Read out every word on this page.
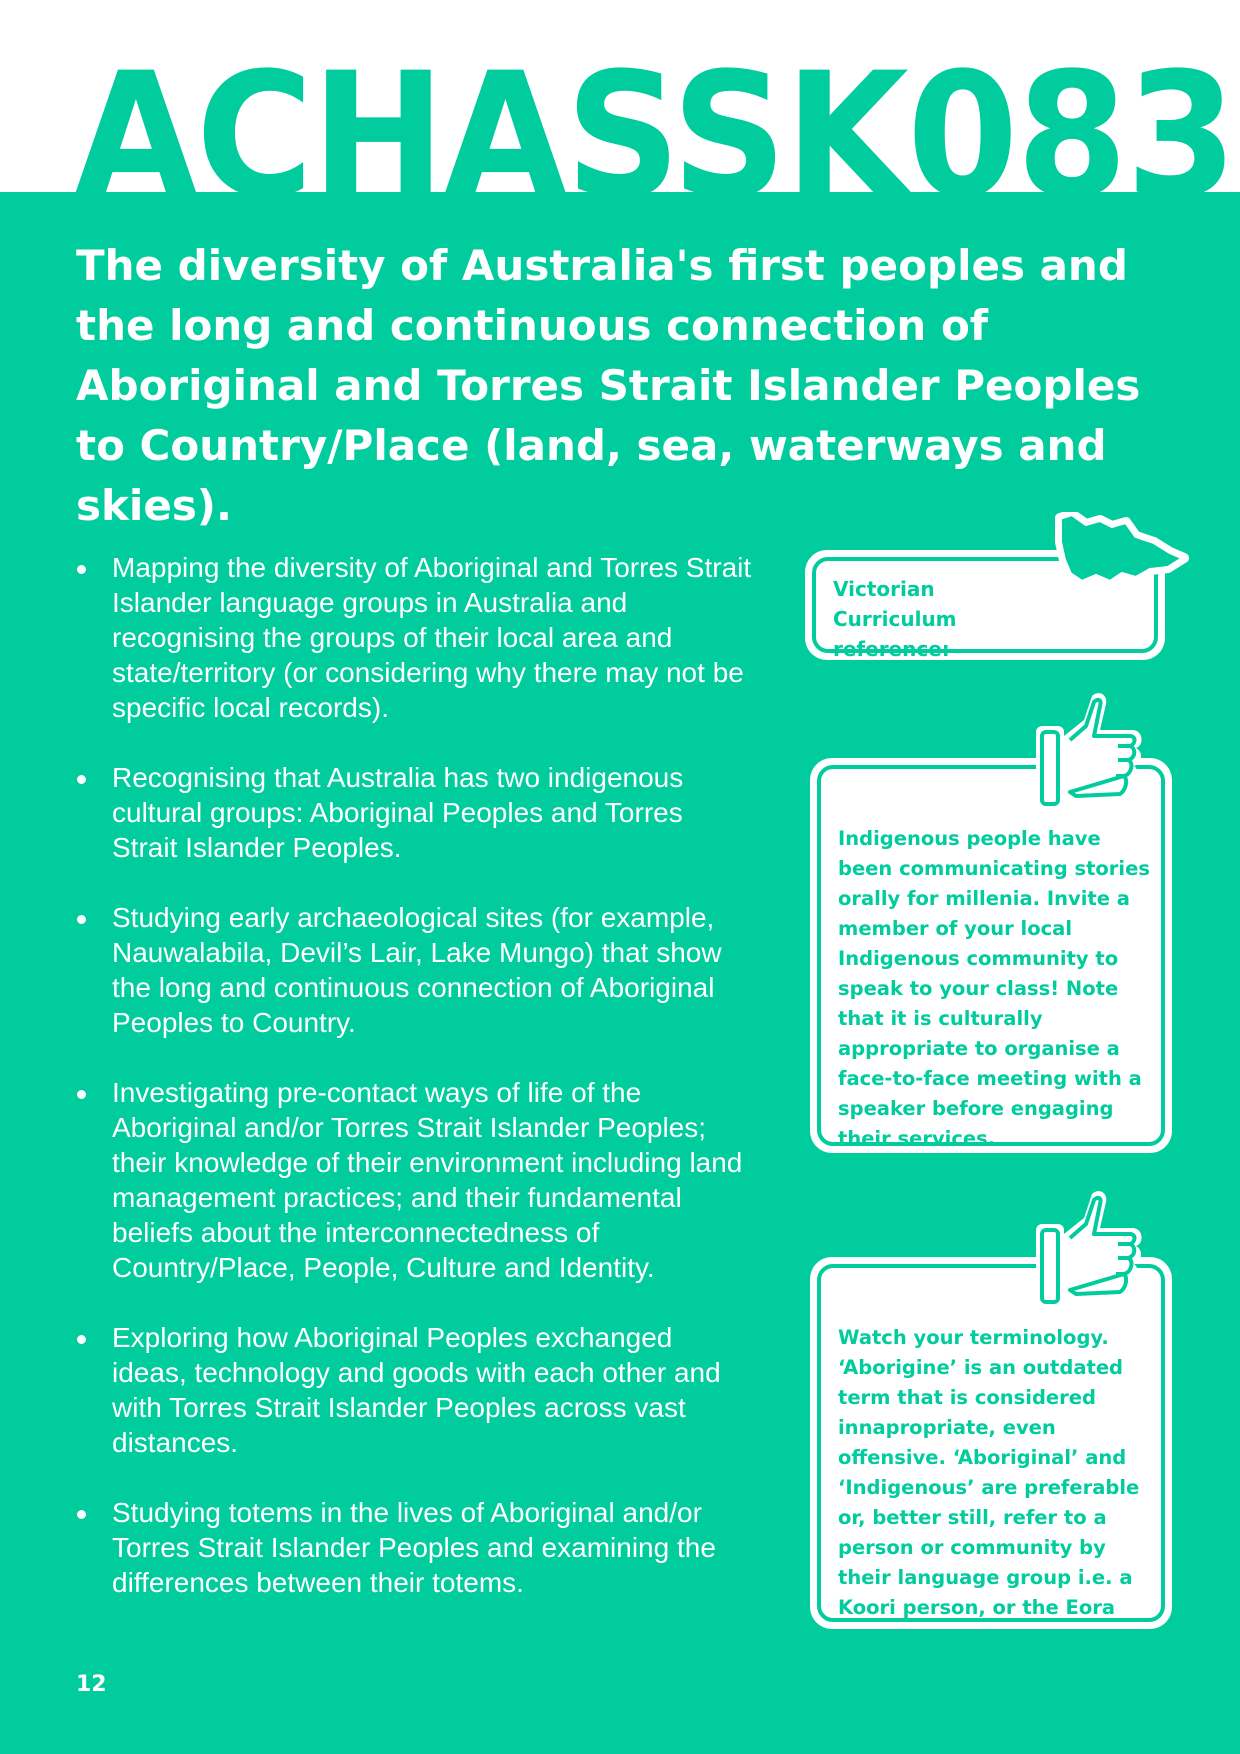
ACHASSK083
The diversity of Australia's first peoples and the long and continuous connection of Aboriginal and Torres Strait Islander Peoples to Country/Place (land, sea, waterways and skies).
Mapping the diversity of Aboriginal and Torres Strait Islander language groups in Australia and recognising the groups of their local area and state/territory (or considering why there may not be specific local records).
Recognising that Australia has two indigenous cultural groups: Aboriginal Peoples and Torres Strait Islander Peoples.
Studying early archaeological sites (for example, Nauwalabila, Devil’s Lair, Lake Mungo) that show the long and continuous connection of Aboriginal Peoples to Country.
Investigating pre-contact ways of life of the Aboriginal and/or Torres Strait Islander Peoples; their knowledge of their environment including land management practices; and their fundamental beliefs about the interconnectedness of Country/Place, People, Culture and Identity.
Exploring how Aboriginal Peoples exchanged ideas, technology and goods with each other and with Torres Strait Islander Peoples across vast distances.
Studying totems in the lives of Aboriginal and/or Torres Strait Islander Peoples and examining the differences between their totems.

Victorian Curriculum reference: VCHHK078

Indigenous people have been communicating stories orally for millenia. Invite a member of your local Indigenous community to speak to your class! Note that it is culturally appropriate to organise a face-to-face meeting with a speaker before engaging their services.

Watch your terminology. ‘Aborigine’ is an outdated term that is considered innapropriate, even offensive. ‘Aboriginal’ and ‘Indigenous’ are preferable or, better still, refer to a person or community by their language group i.e. a Koori person, or the Eora people.

12
